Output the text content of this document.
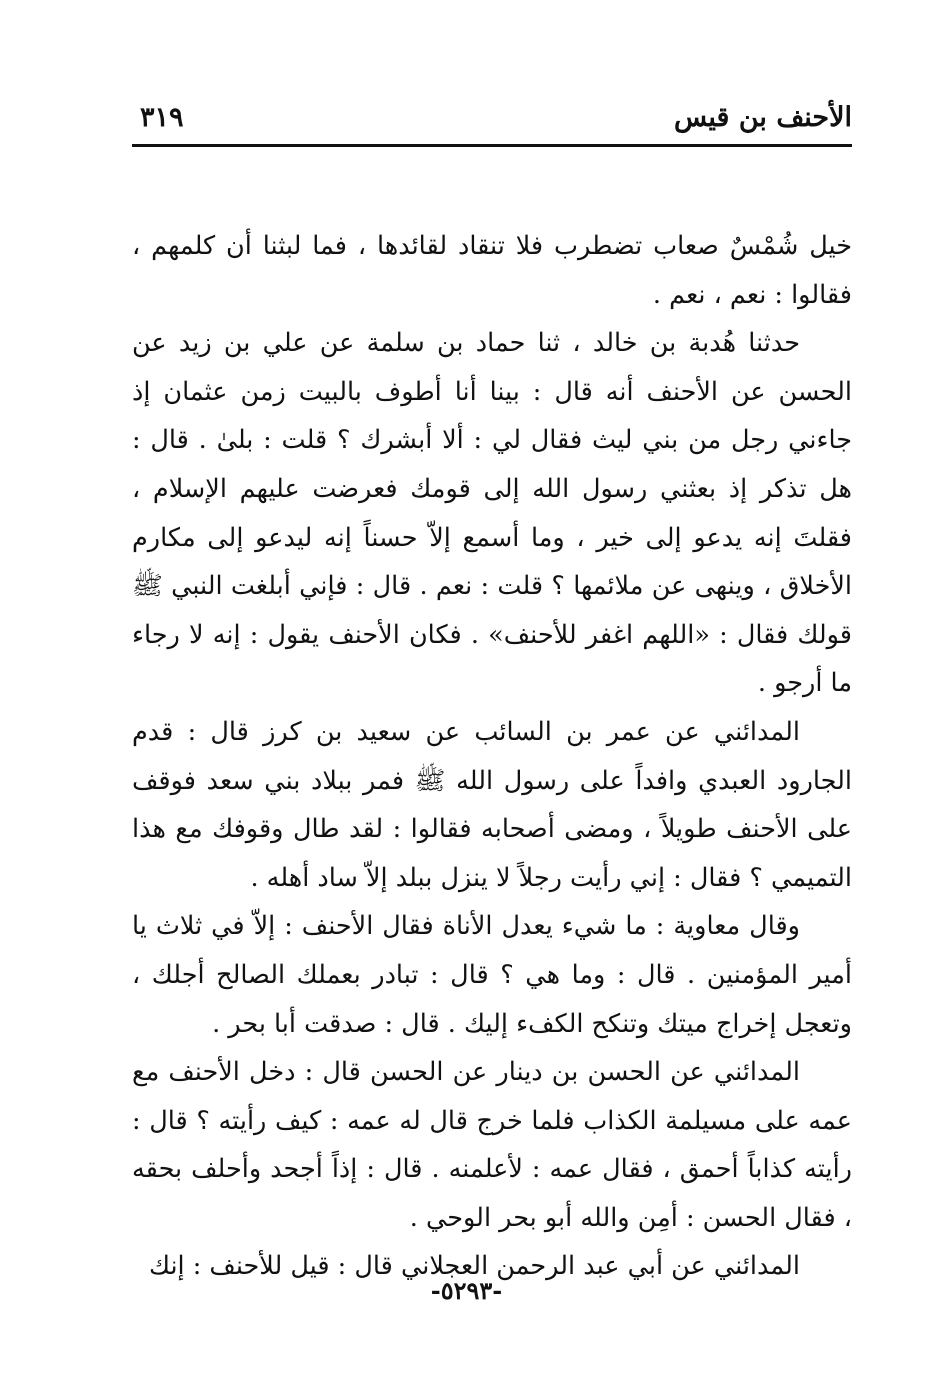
الأحنف بن قيس
٣١٩

خيل شُمْسٌ صعاب تضطرب فلا تنقاد لقائدها ، فما لبثنا أن كلمهم ، فقالوا : نعم ، نعم .

حدثنا هُدبة بن خالد ، ثنا حماد بن سلمة عن علي بن زيد عن الحسن عن الأحنف أنه قال : بينا أنا أطوف بالبيت زمن عثمان إذ جاءني رجل من بني ليث فقال لي : ألا أبشرك ؟ قلت : بلىٰ . قال : هل تذكر إذ بعثني رسول الله إلى قومك فعرضت عليهم الإسلام ، فقلتَ إنه يدعو إلى خير ، وما أسمع إلاّ حسناً إنه ليدعو إلى مكارم الأخلاق ، وينهى عن ملائمها ؟ قلت : نعم . قال : فإني أبلغت النبي ﷺ قولك فقال : «اللهم اغفر للأحنف» . فكان الأحنف يقول : إنه لا رجاء ما أرجو .

المدائني عن عمر بن السائب عن سعيد بن كرز قال : قدم الجارود العبدي وافداً على رسول الله ﷺ فمر ببلاد بني سعد فوقف على الأحنف طويلاً ، ومضى أصحابه فقالوا : لقد طال وقوفك مع هذا التميمي ؟ فقال : إني رأيت رجلاً لا ينزل ببلد إلاّ ساد أهله .

وقال معاوية : ما شيء يعدل الأناة فقال الأحنف : إلاّ في ثلاث يا أمير المؤمنين . قال : وما هي ؟ قال : تبادر بعملك الصالح أجلك ، وتعجل إخراج ميتك وتنكح الكفء إليك . قال : صدقت أبا بحر .

المدائني عن الحسن بن دينار عن الحسن قال : دخل الأحنف مع عمه على مسيلمة الكذاب فلما خرج قال له عمه : كيف رأيته ؟ قال : رأيته كذاباً أحمق ، فقال عمه : لأعلمنه . قال : إذاً أجحد وأحلف بحقه ، فقال الحسن : أمِن والله أبو بحر الوحي .

المدائني عن أبي عبد الرحمن العجلاني قال : قيل للأحنف : إنك

-٥٢٩٣-
